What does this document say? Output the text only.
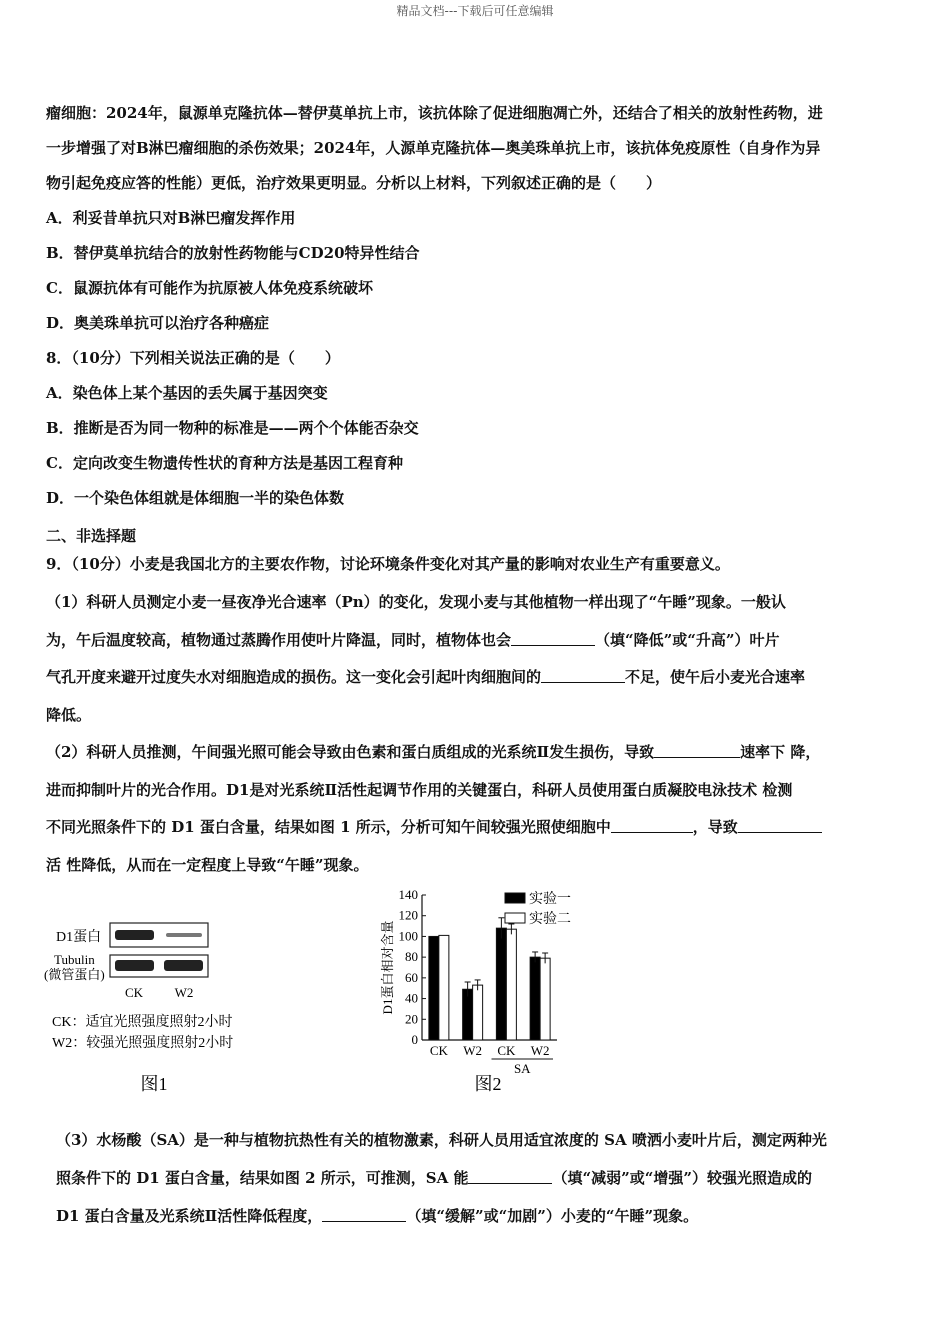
精品文档---下载后可任意编辑
瘤细胞：2024年，鼠源单克隆抗体—替伊莫单抗上市，该抗体除了促进细胞凋亡外，还结合了相关的放射性药物，进
一步增强了对B淋巴瘤细胞的杀伤效果；2024年，人源单克隆抗体—奥美珠单抗上市，该抗体免疫原性（自身作为异
物引起免疫应答的性能）更低，治疗效果更明显。分析以上材料，下列叙述正确的是（　　）
A．利妥昔单抗只对B淋巴瘤发挥作用
B．替伊莫单抗结合的放射性药物能与CD20特异性结合
C．鼠源抗体有可能作为抗原被人体免疫系统破坏
D．奥美珠单抗可以治疗各种癌症
8．（10分）下列相关说法正确的是（　　）
A．染色体上某个基因的丢失属于基因突变
B．推断是否为同一物种的标准是——两个个体能否杂交
C．定向改变生物遗传性状的育种方法是基因工程育种
D．一个染色体组就是体细胞一半的染色体数
二、非选择题
9．（10分）小麦是我国北方的主要农作物，讨论环境条件变化对其产量的影响对农业生产有重要意义。
（1）科研人员测定小麦一昼夜净光合速率（Pn）的变化，发现小麦与其他植物一样出现了“午睡”现象。一般认
为，午后温度较高，植物通过蒸腾作用使叶片降温，同时，植物体也会	（填“降低”或“升高”）叶片
气孔开度来避开过度失水对细胞造成的损伤。这一变化会引起叶肉细胞间的	不足，使午后小麦光合速率
降低。
（2）科研人员推测，午间强光照可能会导致由色素和蛋白质组成的光系统Ⅱ发生损伤，导致	速率下 降，
进而抑制叶片的光合作用。D1是对光系统Ⅱ活性起调节作用的关键蛋白，科研人员使用蛋白质凝胶电泳技术 检测
不同光照条件下的 D1 蛋白含量，结果如图 1 所示，分析可知午间较强光照使细胞中	，导致
活 性降低，从而在一定程度上导致“午睡”现象。
D1蛋白
Tubulin
(微管蛋白)
CK W2
CK：适宜光照强度照射2小时
W2：较强光照强度照射2小时
图1
0
20
40
60
80
100
120
140
D1蛋白相对含量
CK W2 CK W2
SA
实验一
实验二
图2
（3）水杨酸（SA）是一种与植物抗热性有关的植物激素，科研人员用适宜浓度的 SA 喷洒小麦叶片后，测定两种光
照条件下的 D1 蛋白含量，结果如图 2 所示，可推测，SA 能	（填“减弱”或“增强”）较强光照造成的
D1 蛋白含量及光系统Ⅱ活性降低程度，	（填“缓解”或“加剧”）小麦的“午睡”现象。
